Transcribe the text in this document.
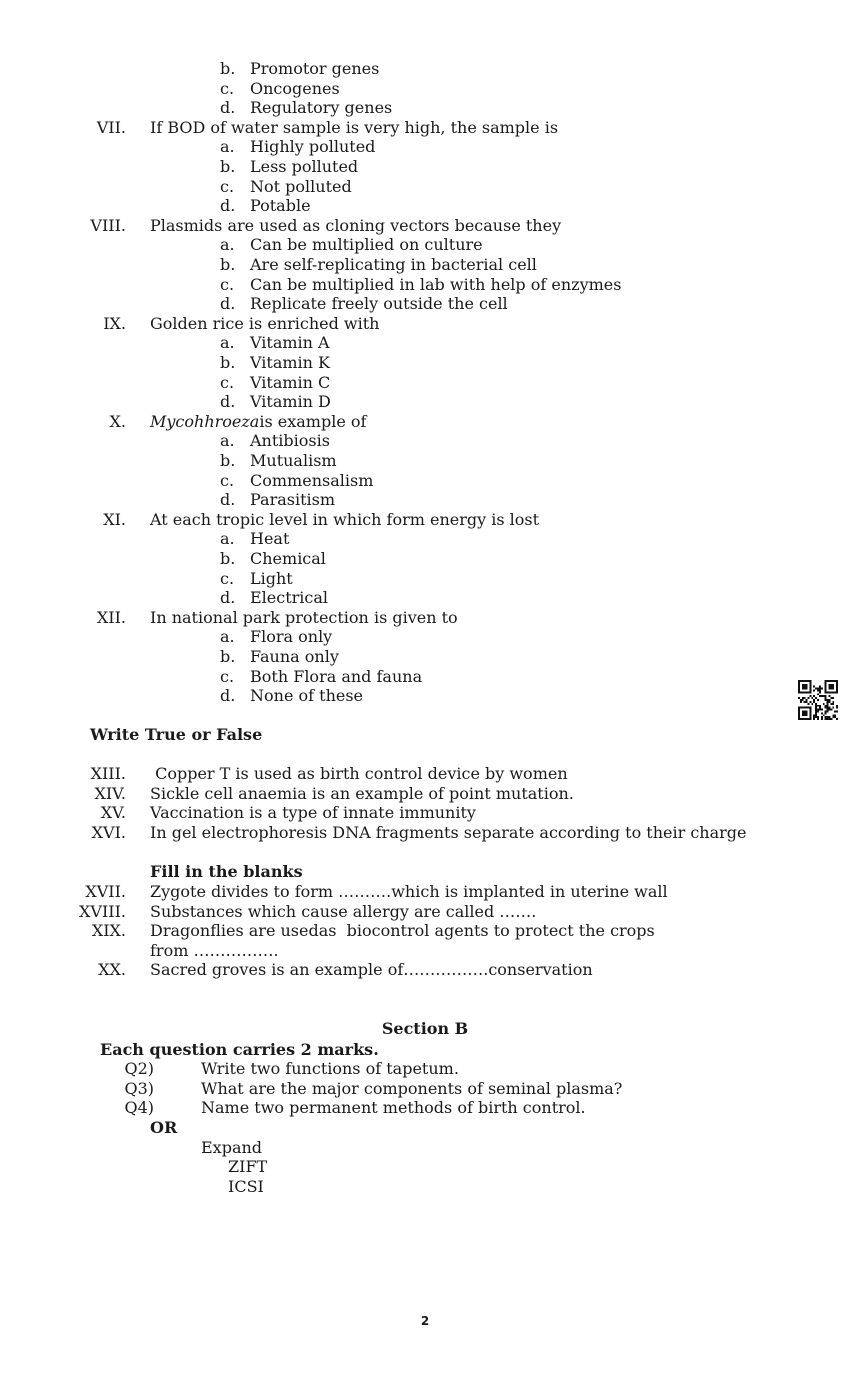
b. Promotor genes
c. Oncogenes
d. Regulatory genes
VII. If BOD of water sample is very high, the sample is
a. Highly polluted
b. Less polluted
c. Not polluted
d. Potable
VIII. Plasmids are used as cloning vectors because they
a. Can be multiplied on culture
b. Are self-replicating in bacterial cell
c. Can be multiplied in lab with help of enzymes
d. Replicate freely outside the cell
IX. Golden rice is enriched with
a. Vitamin A
b. Vitamin K
c. Vitamin C
d. Vitamin D
X. Mycohhroezais example of
a. Antibiosis
b. Mutualism
c. Commensalism
d. Parasitism
XI. At each tropic level in which form energy is lost
a. Heat
b. Chemical
c. Light
d. Electrical
XII. In national park protection is given to
a. Flora only
b. Fauna only
c. Both Flora and fauna
d. None of these
Write True or False
XIII. Copper T is used as birth control device by women
XIV. Sickle cell anaemia is an example of point mutation.
XV. Vaccination is a type of innate immunity
XVI. In gel electrophoresis DNA fragments separate according to their charge
Fill in the blanks
XVII. Zygote divides to form ……….which is implanted in uterine wall
XVIII. Substances which cause allergy are called …….
XIX. Dragonflies are usedas  biocontrol agents to protect the crops
from …………….
XX. Sacred groves is an example of…………….conservation
Section B
Each question carries 2 marks.
Q2)	Write two functions of tapetum.
Q3)	What are the major components of seminal plasma?
Q4)	Name two permanent methods of birth control.
OR
Expand
ZIFT
ICSI
2
